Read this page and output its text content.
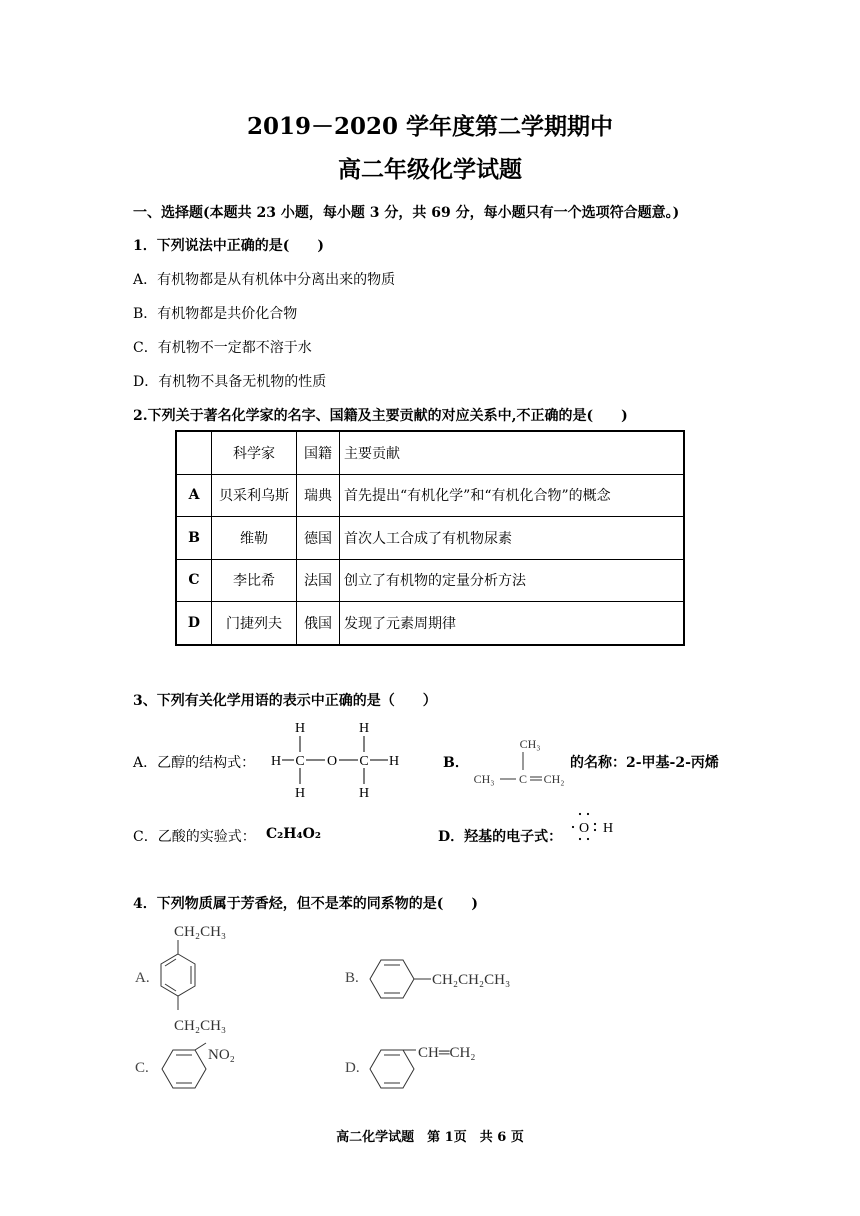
2019－2020 学年度第二学期期中
高二年级化学试题
一、选择题(本题共 23 小题，每小题 3 分，共 69 分，每小题只有一个选项符合题意。)
1．下列说法中正确的是(　　)
A．有机物都是从有机体中分离出来的物质
B．有机物都是共价化合物
C．有机物不一定都不溶于水
D．有机物不具备无机物的性质
2.下列关于著名化学家的名字、国籍及主要贡献的对应关系中,不正确的是(　　)
	科学家	国籍	主要贡献
A	贝采利乌斯	瑞典	首先提出“有机化学”和“有机化合物”的概念
B	维勒	德国	首次人工合成了有机物尿素
C	李比希	法国	创立了有机物的定量分析方法
D	门捷列夫	俄国	发现了元素周期律
3、下列有关化学用语的表示中正确的是（　　）
A．乙醇的结构式：
H	H
H C O C H
H	H
B．
CH₃
CH₃ C CH₂
的名称：2-甲基-2-丙烯
C．乙酸的实验式： C₂H₄O₂	D．羟基的电子式：
O H
4．下列物质属于芳香烃，但不是苯的同系物的是(　　)
A.
CH₂CH₃
CH₂CH₃
B.	CH₂CH₂CH₃
C.
NO₂
D.
CH═CH₂
高二化学试题　第 1页　共 6 页
